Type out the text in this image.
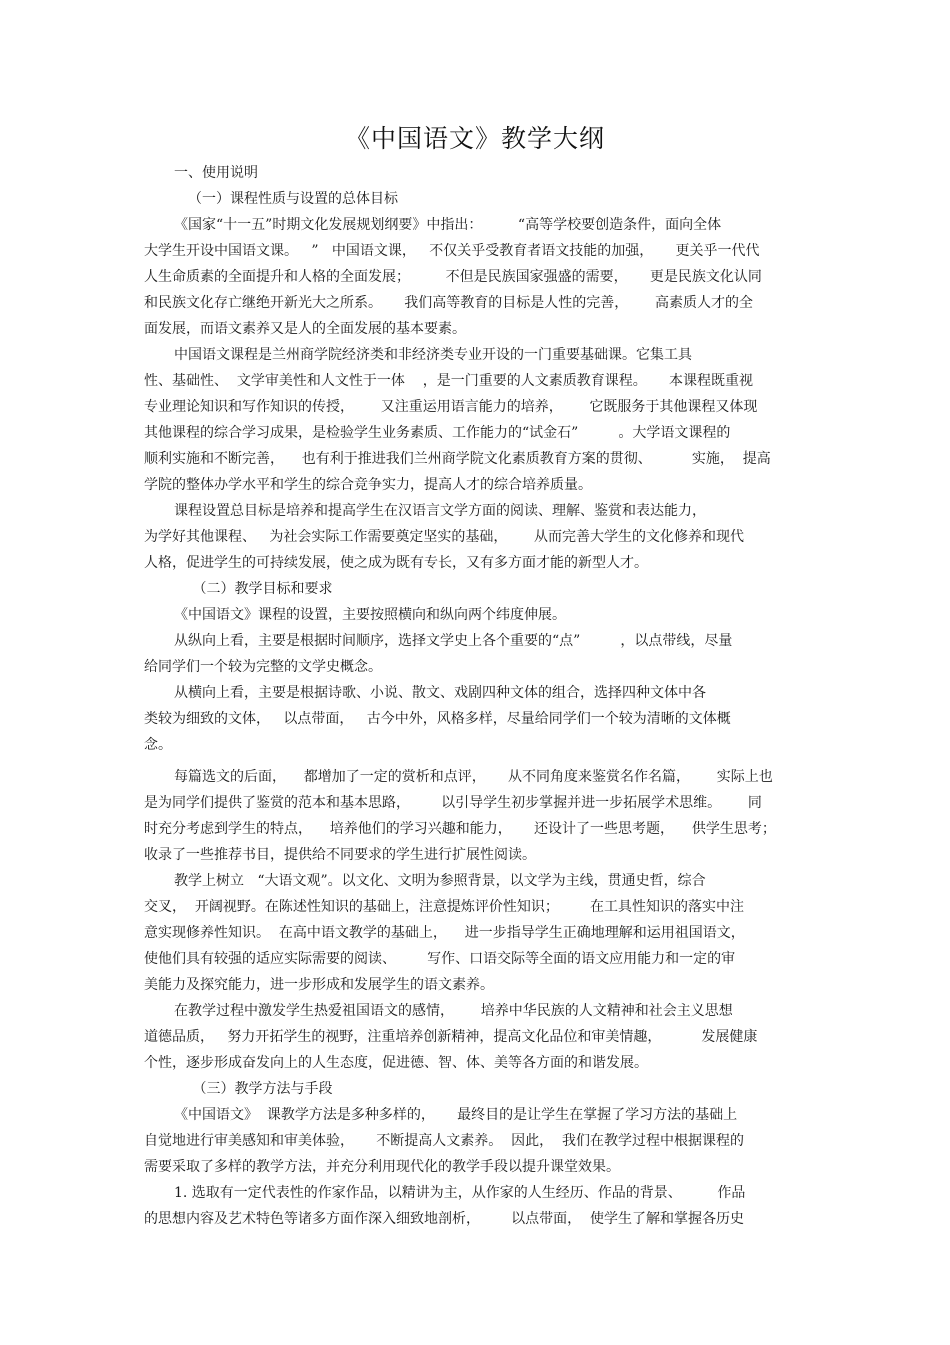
《中国语文》教学大纲
一、使用说明
（一）课程性质与设置的总体目标
《国家“十一五”时期文化发展规划纲要》中指出：        “高等学校要创造条件，面向全体
大学生开设中国语文课。   ”   中国语文课，   不仅关乎受教育者语文技能的加强，     更关乎一代代
人生命质素的全面提升和人格的全面发展；        不但是民族国家强盛的需要，     更是民族文化认同
和民族文化存亡继绝开新光大之所系。     我们高等教育的目标是人性的完善，      高素质人才的全
面发展，而语文素养又是人的全面发展的基本要素。
中国语文课程是兰州商学院经济类和非经济类专业开设的一门重要基础课。它集工具
性、基础性、  文学审美性和人文性于一体    ，是一门重要的人文素质教育课程。     本课程既重视
专业理论知识和写作知识的传授，      又注重运用语言能力的培养，      它既服务于其他课程又体现
其他课程的综合学习成果，是检验学生业务素质、工作能力的“试金石”         。大学语文课程的
顺利实施和不断完善，    也有利于推进我们兰州商学院文化素质教育方案的贯彻、         实施，  提高
学院的整体办学水平和学生的综合竞争实力，提高人才的综合培养质量。
课程设置总目标是培养和提高学生在汉语言文学方面的阅读、理解、鉴赏和表达能力，
为学好其他课程、   为社会实际工作需要奠定坚实的基础，      从而完善大学生的文化修养和现代
人格，促进学生的可持续发展，使之成为既有专长，又有多方面才能的新型人才。
（二）教学目标和要求
《中国语文》课程的设置，主要按照横向和纵向两个纬度伸展。
从纵向上看，主要是根据时间顺序，选择文学史上各个重要的“点”         ，以点带线，尽量
给同学们一个较为完整的文学史概念。
从横向上看，主要是根据诗歌、小说、散文、戏剧四种文体的组合，选择四种文体中各
类较为细致的文体，   以点带面，   古今中外，风格多样，尽量给同学们一个较为清晰的文体概
念。
每篇选文的后面，    都增加了一定的赏析和点评，     从不同角度来鉴赏名作名篇，      实际上也
是为同学们提供了鉴赏的范本和基本思路，       以引导学生初步掌握并进一步拓展学术思维。      同
时充分考虑到学生的特点，    培养他们的学习兴趣和能力，     还设计了一些思考题，    供学生思考；
收录了一些推荐书目，提供给不同要求的学生进行扩展性阅读。
教学上树立   “大语文观”。以文化、文明为参照背景，以文学为主线，贯通史哲，综合
交叉，  开阔视野。在陈述性知识的基础上，注意提炼评价性知识；       在工具性知识的落实中注
意实现修养性知识。  在高中语文教学的基础上，    进一步指导学生正确地理解和运用祖国语文，
使他们具有较强的适应实际需要的阅读、       写作、口语交际等全面的语文应用能力和一定的审
美能力及探究能力，进一步形成和发展学生的语文素养。
在教学过程中激发学生热爱祖国语文的感情，      培养中华民族的人文精神和社会主义思想
道德品质，   努力开拓学生的视野，注重培养创新精神，提高文化品位和审美情趣，         发展健康
个性，逐步形成奋发向上的人生态度，促进德、智、体、美等各方面的和谐发展。
（三）教学方法与手段
《中国语文》  课教学方法是多种多样的，     最终目的是让学生在掌握了学习方法的基础上
自觉地进行审美感知和审美体验，     不断提高人文素养。  因此，  我们在教学过程中根据课程的
需要采取了多样的教学方法，并充分利用现代化的教学手段以提升课堂效果。
1. 选取有一定代表性的作家作品，以精讲为主，从作家的人生经历、作品的背景、        作品
的思想内容及艺术特色等诸多方面作深入细致地剖析，       以点带面，  使学生了解和掌握各历史
